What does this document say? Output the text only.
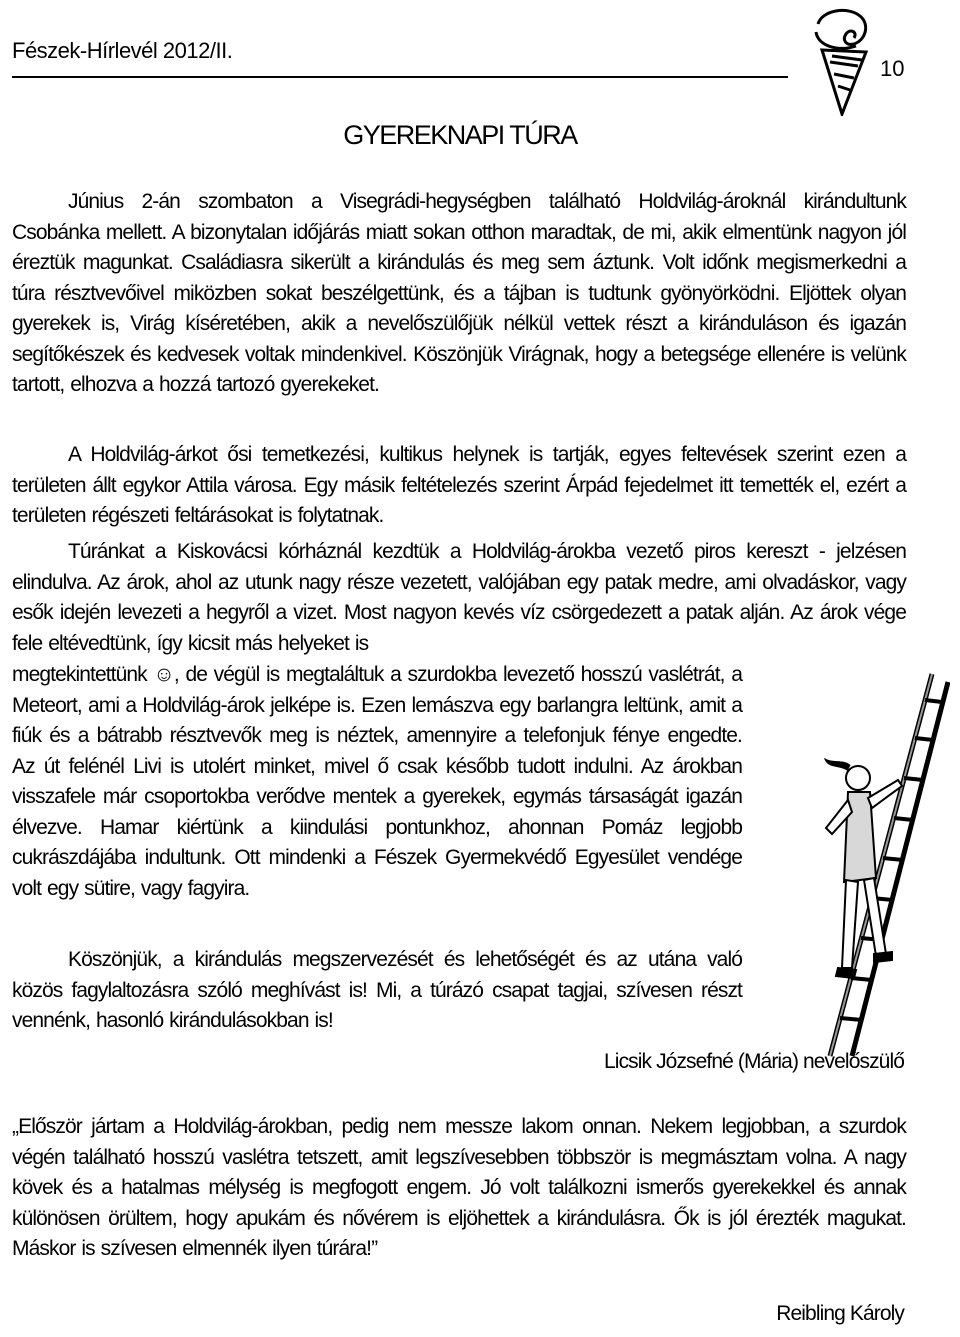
Fészek-Hírlevél 2012/II.
10
GYEREKNAPI TÚRA

Június 2-án szombaton a Visegrádi-hegységben található Holdvilág-ároknál kirándultunk Csobánka mellett. A bizonytalan időjárás miatt sokan otthon maradtak, de mi, akik elmentünk nagyon jól éreztük magunkat. Családiasra sikerült a kirándulás és meg sem áztunk. Volt időnk megismerkedni a túra résztvevőivel miközben sokat beszélgettünk, és a tájban is tudtunk gyönyörködni. Eljöttek olyan gyerekek is, Virág kíséretében, akik a nevelőszülőjük nélkül vettek részt a kiránduláson és igazán segítőkészek és kedvesek voltak mindenkivel. Köszönjük Virágnak, hogy a betegsége ellenére is velünk tartott, elhozva a hozzá tartozó gyerekeket.

A Holdvilág-árkot ősi temetkezési, kultikus helynek is tartják, egyes feltevések szerint ezen a területen állt egykor Attila városa. Egy másik feltételezés szerint Árpád fejedelmet itt temették el, ezért a területen régészeti feltárásokat is folytatnak.

Túránkat a Kiskovácsi kórháznál kezdtük a Holdvilág-árokba vezető piros kereszt - jelzésen elindulva. Az árok, ahol az utunk nagy része vezetett, valójában egy patak medre, ami olvadáskor, vagy esők idején levezeti a hegyről a vizet. Most nagyon kevés víz csörgedezett a patak alján. Az árok vége fele eltévedtünk, így kicsit más helyeket is

megtekintettünk ☺, de végül is megtaláltuk a szurdokba levezető hosszú vaslétrát, a Meteort, ami a Holdvilág-árok jelképe is. Ezen lemászva egy barlangra leltünk, amit a fiúk és a bátrabb résztvevők meg is néztek, amennyire a telefonjuk fénye engedte. Az út felénél Livi is utolért minket, mivel ő csak később tudott indulni. Az árokban visszafele már csoportokba verődve mentek a gyerekek, egymás társaságát igazán élvezve. Hamar kiértünk a kiindulási pontunkhoz, ahonnan Pomáz legjobb cukrászdájába indultunk. Ott mindenki a Fészek Gyermekvédő Egyesület vendége volt egy sütire, vagy fagyira.

Köszönjük, a kirándulás megszervezését és lehetőségét és az utána való közös fagylaltozásra szóló meghívást is! Mi, a túrázó csapat tagjai, szívesen részt vennénk, hasonló kirándulásokban is!

Licsik Józsefné (Mária) nevelőszülő

„Először jártam a Holdvilág-árokban, pedig nem messze lakom onnan. Nekem legjobban, a szurdok végén található hosszú vaslétra tetszett, amit legszívesebben többször is megmásztam volna. A nagy kövek és a hatalmas mélység is megfogott engem. Jó volt találkozni ismerős gyerekekkel és annak különösen örültem, hogy apukám és nővérem is eljöhettek a kirándulásra. Ők is jól érezték magukat. Máskor is szívesen elmennék ilyen túrára!”

Reibling Károly
